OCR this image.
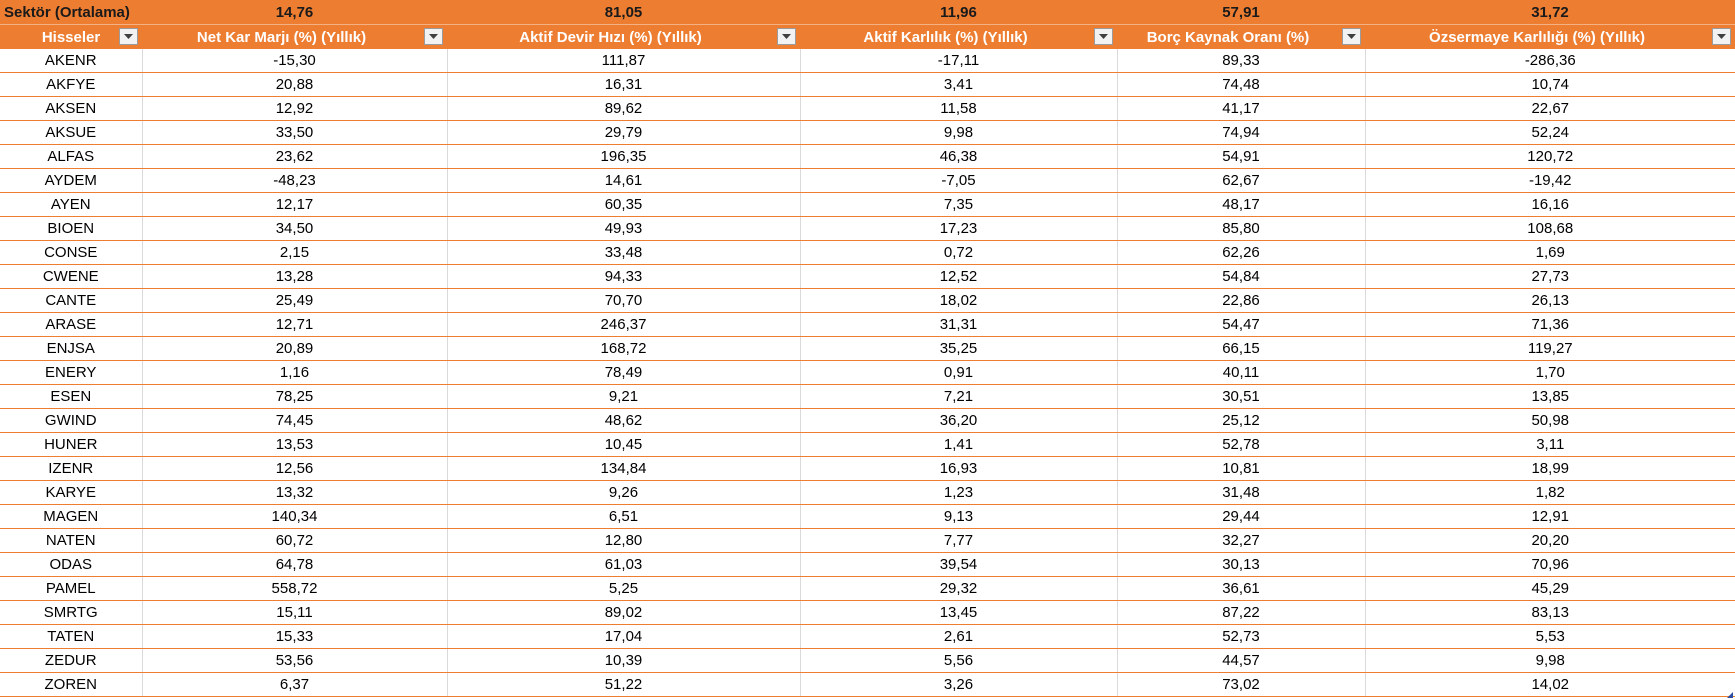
Sektör (Ortalama)	14,76	81,05	11,96	57,91	31,72
Hisseler	Net Kar Marjı (%) (Yıllık)	Aktif Devir Hızı (%) (Yıllık)	Aktif Karlılık (%) (Yıllık)	Borç Kaynak Oranı (%)	Özsermaye Karlılığı (%) (Yıllık)

AKENR	-15,30	111,87	-17,11	89,33	-286,36
AKFYE	20,88	16,31	3,41	74,48	10,74
AKSEN	12,92	89,62	11,58	41,17	22,67
AKSUE	33,50	29,79	9,98	74,94	52,24
ALFAS	23,62	196,35	46,38	54,91	120,72
AYDEM	-48,23	14,61	-7,05	62,67	-19,42
AYEN	12,17	60,35	7,35	48,17	16,16
BIOEN	34,50	49,93	17,23	85,80	108,68
CONSE	2,15	33,48	0,72	62,26	1,69
CWENE	13,28	94,33	12,52	54,84	27,73
CANTE	25,49	70,70	18,02	22,86	26,13
ARASE	12,71	246,37	31,31	54,47	71,36
ENJSA	20,89	168,72	35,25	66,15	119,27
ENERY	1,16	78,49	0,91	40,11	1,70
ESEN	78,25	9,21	7,21	30,51	13,85
GWIND	74,45	48,62	36,20	25,12	50,98
HUNER	13,53	10,45	1,41	52,78	3,11
IZENR	12,56	134,84	16,93	10,81	18,99
KARYE	13,32	9,26	1,23	31,48	1,82
MAGEN	140,34	6,51	9,13	29,44	12,91
NATEN	60,72	12,80	7,77	32,27	20,20
ODAS	64,78	61,03	39,54	30,13	70,96
PAMEL	558,72	5,25	29,32	36,61	45,29
SMRTG	15,11	89,02	13,45	87,22	83,13
TATEN	15,33	17,04	2,61	52,73	5,53
ZEDUR	53,56	10,39	5,56	44,57	9,98
ZOREN	6,37	51,22	3,26	73,02	14,02
